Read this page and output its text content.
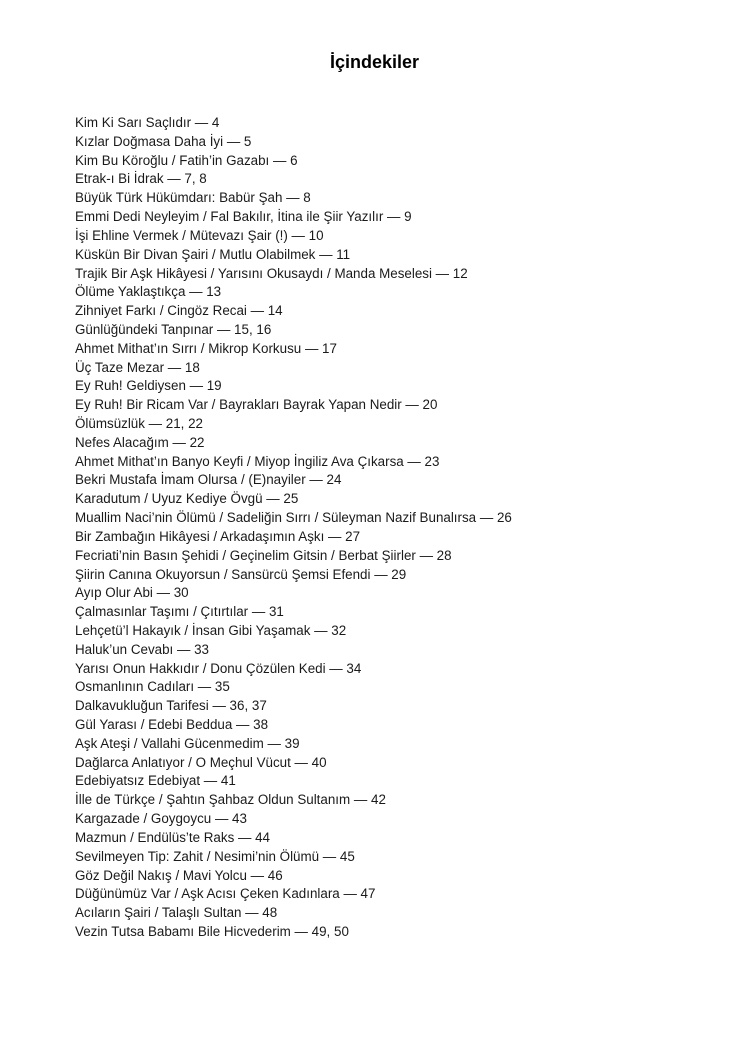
İçindekiler
Kim Ki Sarı Saçlıdır — 4
Kızlar Doğmasa Daha İyi — 5
Kim Bu Köroğlu / Fatih’in Gazabı — 6
Etrak-ı Bi İdrak — 7, 8
Büyük Türk Hükümdarı: Babür Şah — 8
Emmi Dedi Neyleyim / Fal Bakılır, İtina ile Şiir Yazılır — 9
İşi Ehline Vermek / Mütevazı Şair (!) — 10
Küskün Bir Divan Şairi / Mutlu Olabilmek — 11
Trajik Bir Aşk Hikâyesi / Yarısını Okusaydı / Manda Meselesi — 12
Ölüme Yaklaştıkça — 13
Zihniyet Farkı / Cingöz Recai — 14
Günlüğündeki Tanpınar — 15, 16
Ahmet Mithat’ın Sırrı / Mikrop Korkusu — 17
Üç Taze Mezar — 18
Ey Ruh! Geldiysen — 19
Ey Ruh! Bir Ricam Var / Bayrakları Bayrak Yapan Nedir — 20
Ölümsüzlük — 21, 22
Nefes Alacağım — 22
Ahmet Mithat’ın Banyo Keyfi / Miyop İngiliz Ava Çıkarsa — 23
Bekri Mustafa İmam Olursa / (E)nayiler — 24
Karadutum / Uyuz Kediye Övgü — 25
Muallim Naci’nin Ölümü / Sadeliğin Sırrı / Süleyman Nazif Bunalırsa — 26
Bir Zambağın Hikâyesi / Arkadaşımın Aşkı — 27
Fecriati’nin Basın Şehidi / Geçinelim Gitsin / Berbat Şiirler — 28
Şiirin Canına Okuyorsun / Sansürcü Şemsi Efendi — 29
Ayıp Olur Abi — 30
Çalmasınlar Taşımı / Çıtırtılar — 31
Lehçetü’l Hakayık / İnsan Gibi Yaşamak — 32
Haluk’un Cevabı — 33
Yarısı Onun Hakkıdır / Donu Çözülen Kedi — 34
Osmanlının Cadıları — 35
Dalkavukluğun Tarifesi — 36, 37
Gül Yarası / Edebi Beddua — 38
Aşk Ateşi / Vallahi Gücenmedim — 39
Dağlarca Anlatıyor / O Meçhul Vücut — 40
Edebiyatsız Edebiyat — 41
İlle de Türkçe / Şahtın Şahbaz Oldun Sultanım — 42
Kargazade / Goygoycu — 43
Mazmun / Endülüs’te Raks — 44
Sevilmeyen Tip: Zahit / Nesimi’nin Ölümü — 45
Göz Değil Nakış / Mavi Yolcu — 46
Düğünümüz Var / Aşk Acısı Çeken Kadınlara — 47
Acıların Şairi / Talaşlı Sultan — 48
Vezin Tutsa Babamı Bile Hicvederim — 49, 50
